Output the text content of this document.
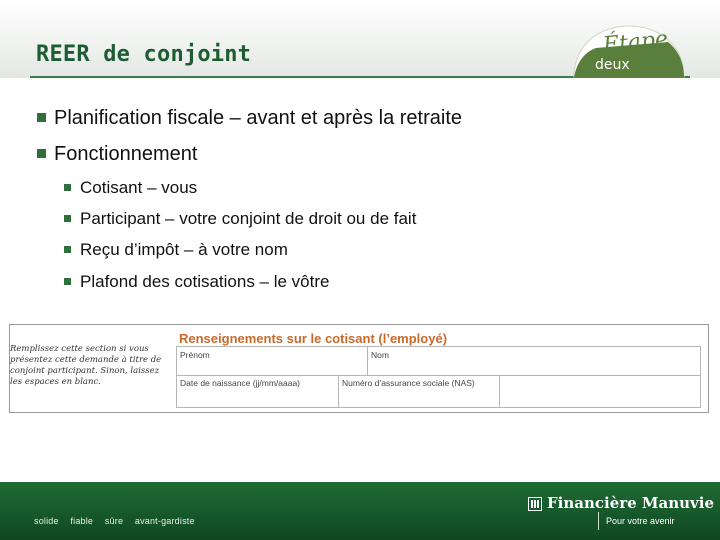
REER de conjoint	Étape
deux
Planification fiscale – avant et après la retraite
Fonctionnement
Cotisant – vous
Participant – votre conjoint de droit ou de fait
Reçu d’impôt – à votre nom
Plafond des cotisations – le vôtre
Remplissez cette section si vous présentez cette demande à titre de conjoint participant. Sinon, laissez les espaces en blanc.
Renseignements sur le cotisant (l’employé)
Prénom	Nom
Date de naissance (jj/mm/aaaa)	Numéro d’assurance sociale (NAS)
solide fiable sûre avant-gardiste
Financière Manuvie
Pour votre avenir
